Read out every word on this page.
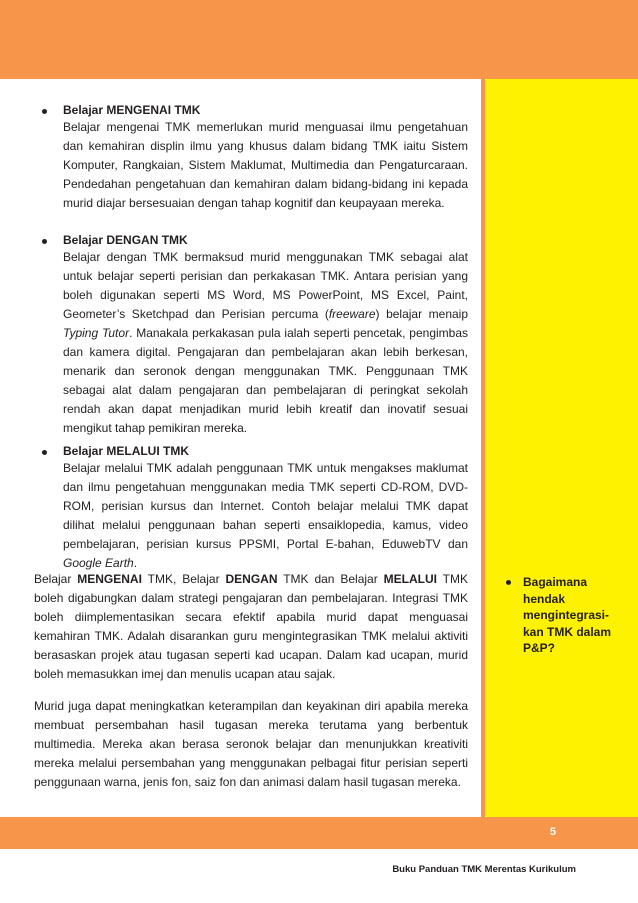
Belajar MENGENAI TMK
Belajar mengenai TMK memerlukan murid menguasai ilmu pengetahuan dan kemahiran displin ilmu yang khusus dalam bidang TMK iaitu Sistem Komputer, Rangkaian, Sistem Maklumat, Multimedia dan Pengaturcaraan. Pendedahan pengetahuan dan kemahiran dalam bidang-bidang ini kepada murid diajar bersesuaian dengan tahap kognitif dan keupayaan mereka.
Belajar DENGAN TMK
Belajar dengan TMK bermaksud murid menggunakan TMK sebagai alat untuk belajar seperti perisian dan perkakasan TMK. Antara perisian yang boleh digunakan seperti MS Word, MS PowerPoint, MS Excel, Paint, Geometer’s Sketchpad dan Perisian percuma (freeware) belajar menaip Typing Tutor. Manakala perkakasan pula ialah seperti pencetak, pengimbas dan kamera digital. Pengajaran dan pembelajaran akan lebih berkesan, menarik dan seronok dengan menggunakan TMK. Penggunaan TMK sebagai alat dalam pengajaran dan pembelajaran di peringkat sekolah rendah akan dapat menjadikan murid lebih kreatif dan inovatif sesuai mengikut tahap pemikiran mereka.
Belajar MELALUI TMK
Belajar melalui TMK adalah penggunaan TMK untuk mengakses maklumat dan ilmu pengetahuan menggunakan media TMK seperti CD-ROM, DVD-ROM, perisian kursus dan Internet. Contoh belajar melalui TMK dapat dilihat melalui penggunaan bahan seperti ensaiklopedia, kamus, video pembelajaran, perisian kursus PPSMI, Portal E-bahan, EduwebTV dan Google Earth.
Belajar MENGENAI TMK, Belajar DENGAN TMK dan Belajar MELALUI TMK boleh digabungkan dalam strategi pengajaran dan pembelajaran. Integrasi TMK boleh diimplementasikan secara efektif apabila murid dapat menguasai kemahiran TMK. Adalah disarankan guru mengintegrasikan TMK melalui aktiviti berasaskan projek atau tugasan seperti kad ucapan. Dalam kad ucapan, murid boleh memasukkan imej dan menulis ucapan atau sajak.
Murid juga dapat meningkatkan keterampilan dan keyakinan diri apabila mereka membuat persembahan hasil tugasan mereka terutama yang berbentuk multimedia. Mereka akan berasa seronok belajar dan menunjukkan kreativiti mereka melalui persembahan yang menggunakan pelbagai fitur perisian seperti penggunaan warna, jenis fon, saiz fon dan animasi dalam hasil tugasan mereka.
Bagaimana hendak mengintegrasi-kan TMK dalam P&P?
5
Buku Panduan TMK Merentas Kurikulum
